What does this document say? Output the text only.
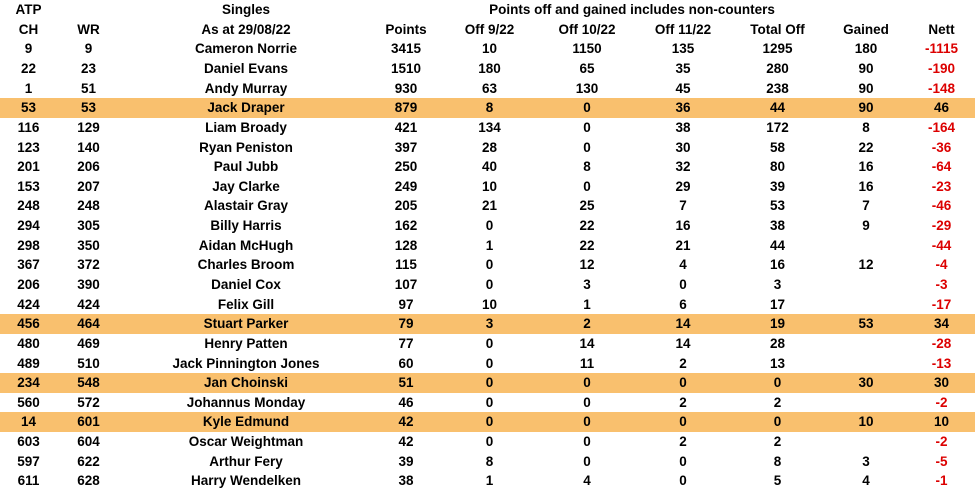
ATP		Singles		Points off and gained includes non-counters					
CH	WR	As at 29/08/22	Points	Off 9/22	Off 10/22	Off 11/22	Total Off	Gained	Nett
9	9	Cameron Norrie	3415	10	1150	135	1295	180	-1115
22	23	Daniel Evans	1510	180	65	35	280	90	-190
1	51	Andy Murray	930	63	130	45	238	90	-148
53	53	Jack Draper	879	8	0	36	44	90	46
116	129	Liam Broady	421	134	0	38	172	8	-164
123	140	Ryan Peniston	397	28	0	30	58	22	-36
201	206	Paul Jubb	250	40	8	32	80	16	-64
153	207	Jay Clarke	249	10	0	29	39	16	-23
248	248	Alastair Gray	205	21	25	7	53	7	-46
294	305	Billy Harris	162	0	22	16	38	9	-29
298	350	Aidan McHugh	128	1	22	21	44		-44
367	372	Charles Broom	115	0	12	4	16	12	-4
206	390	Daniel Cox	107	0	3	0	3		-3
424	424	Felix Gill	97	10	1	6	17		-17
456	464	Stuart Parker	79	3	2	14	19	53	34
480	469	Henry Patten	77	0	14	14	28		-28
489	510	Jack Pinnington Jones	60	0	11	2	13		-13
234	548	Jan Choinski	51	0	0	0	0	30	30
560	572	Johannus Monday	46	0	0	2	2		-2
14	601	Kyle Edmund	42	0	0	0	0	10	10
603	604	Oscar Weightman	42	0	0	2	2		-2
597	622	Arthur Fery	39	8	0	0	8	3	-5
611	628	Harry Wendelken	38	1	4	0	5	4	-1
